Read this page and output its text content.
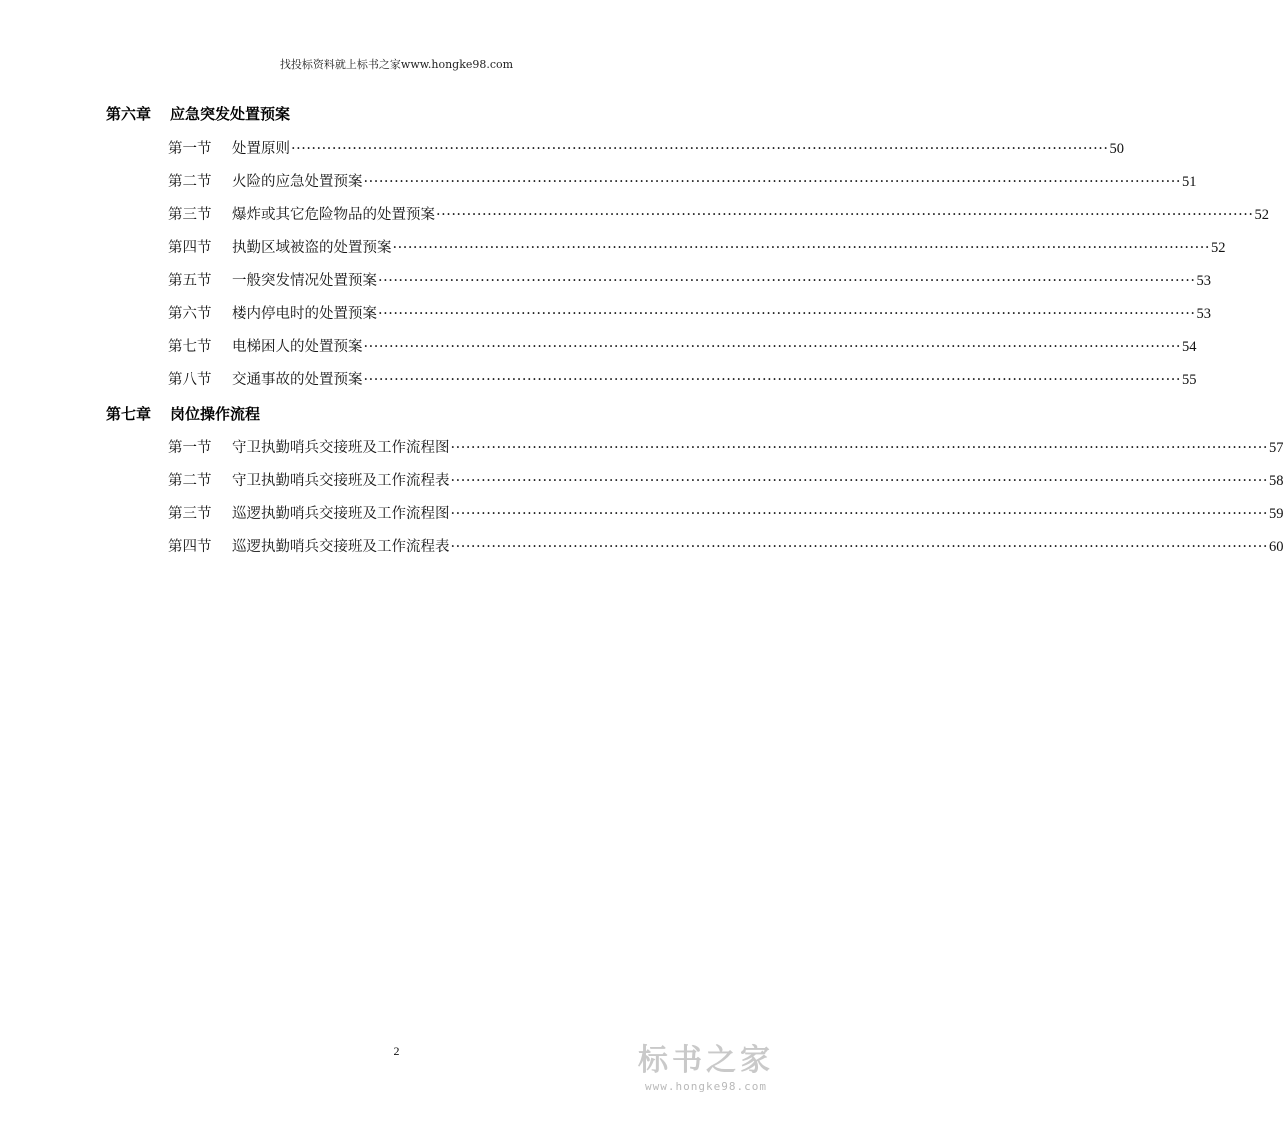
找投标资料就上标书之家www.hongke98.com
第六章 应急突发处置预案
第一节	处置原则 ································································································································································ 50
第二节	火险的应急处置预案 ································································································································································ 51
第三节	爆炸或其它危险物品的处置预案 ································································································································································ 52
第四节	执勤区域被盗的处置预案 ································································································································································ 52
第五节	一般突发情况处置预案 ································································································································································ 53
第六节	楼内停电时的处置预案 ································································································································································ 53
第七节	电梯困人的处置预案 ································································································································································ 54
第八节	交通事故的处置预案 ································································································································································ 55
第七章 岗位操作流程
第一节	守卫执勤哨兵交接班及工作流程图 ································································································································································ 57
第二节	守卫执勤哨兵交接班及工作流程表 ································································································································································ 58
第三节	巡逻执勤哨兵交接班及工作流程图 ································································································································································ 59
第四节	巡逻执勤哨兵交接班及工作流程表 ································································································································································ 60
2	标书之家
www.hongke98.com
